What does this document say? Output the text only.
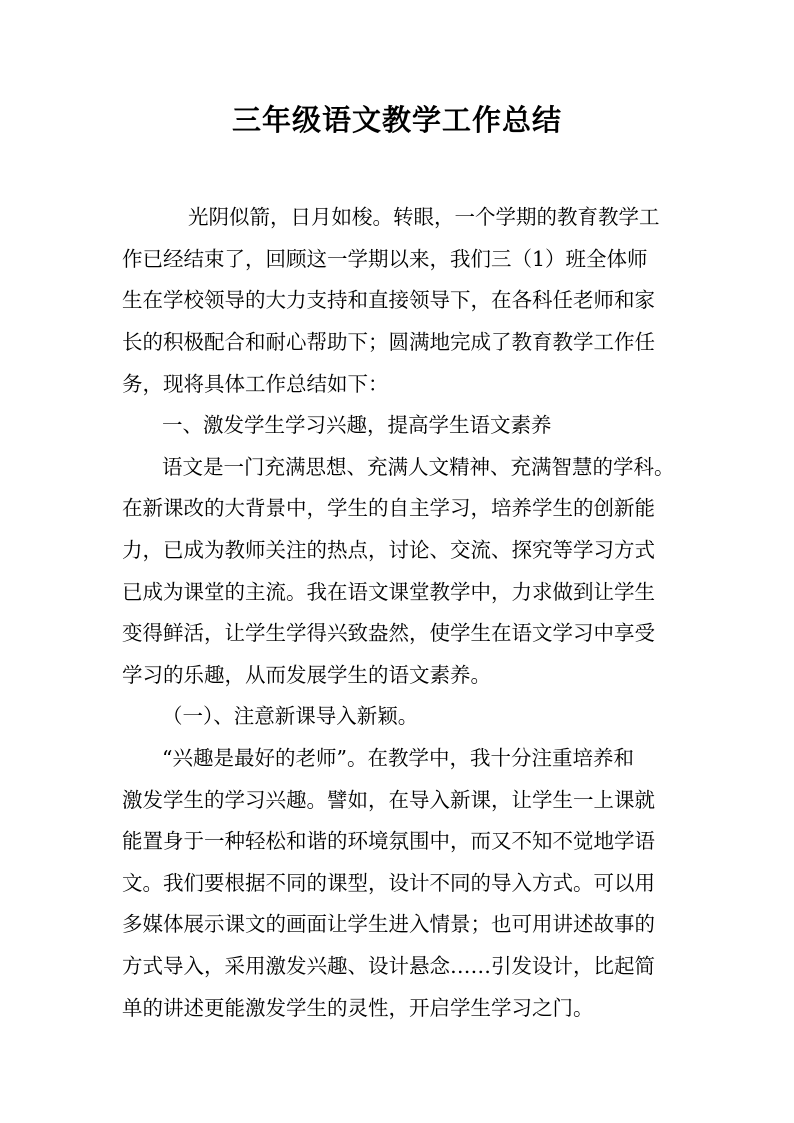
三年级语文教学工作总结
光阴似箭，日月如梭。转眼，一个学期的教育教学工
作已经结束了，回顾这一学期以来，我们三（1）班全体师
生在学校领导的大力支持和直接领导下，在各科任老师和家
长的积极配合和耐心帮助下；圆满地完成了教育教学工作任
务，现将具体工作总结如下：
一、激发学生学习兴趣，提高学生语文素养
语文是一门充满思想、充满人文精神、充满智慧的学科。
在新课改的大背景中，学生的自主学习，培养学生的创新能
力，已成为教师关注的热点，讨论、交流、探究等学习方式
已成为课堂的主流。我在语文课堂教学中，力求做到让学生
变得鲜活，让学生学得兴致盎然，使学生在语文学习中享受
学习的乐趣，从而发展学生的语文素养。
（一）、注意新课导入新颖。
“兴趣是最好的老师”。在教学中，我十分注重培养和
激发学生的学习兴趣。譬如，在导入新课，让学生一上课就
能置身于一种轻松和谐的环境氛围中，而又不知不觉地学语
文。我们要根据不同的课型，设计不同的导入方式。可以用
多媒体展示课文的画面让学生进入情景；也可用讲述故事的
方式导入，采用激发兴趣、设计悬念……引发设计，比起简
单的讲述更能激发学生的灵性，开启学生学习之门。
